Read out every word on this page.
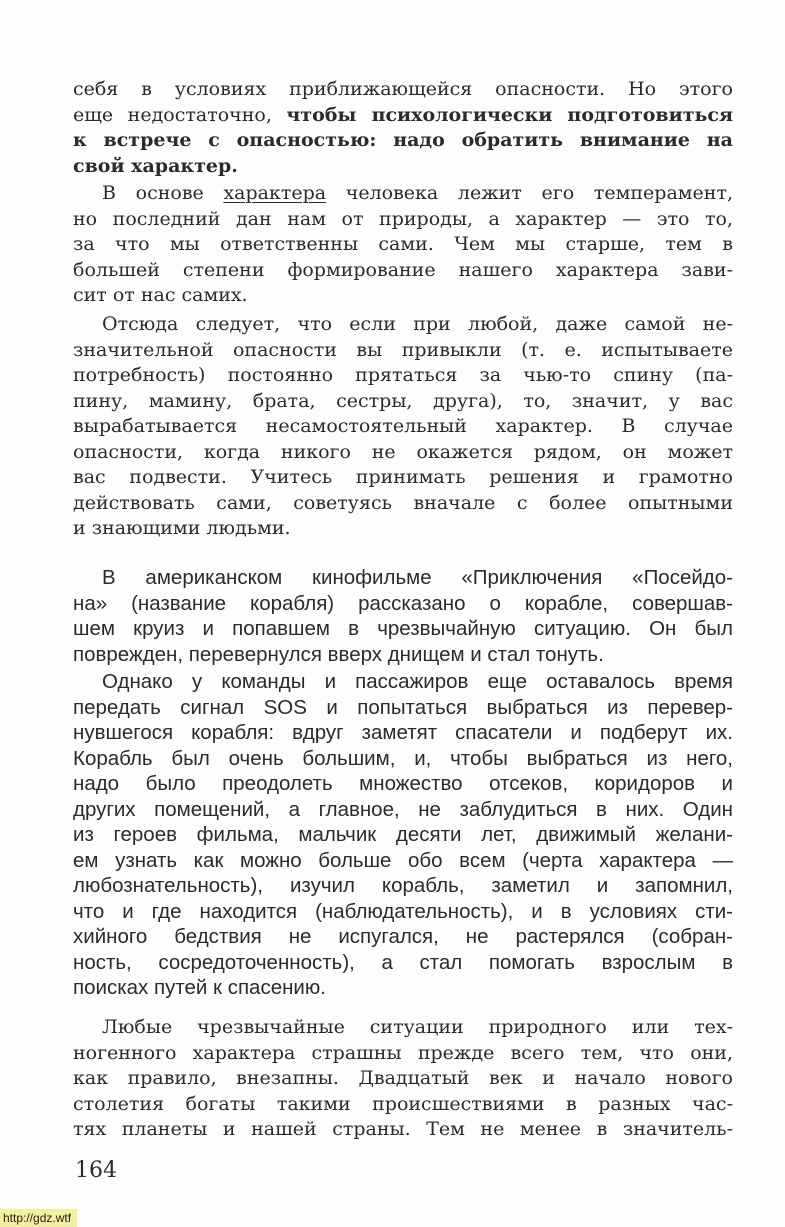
себя в условиях приближающейся опасности. Но этого
еще недостаточно, чтобы психологически подготовиться
к встрече с опасностью: надо обратить внимание на
свой характер.
В основе характера человека лежит его темперамент,
но последний дан нам от природы, а характер — это то,
за что мы ответственны сами. Чем мы старше, тем в
большей степени формирование нашего характера зави-
сит от нас самих.
Отсюда следует, что если при любой, даже самой не-
значительной опасности вы привыкли (т. е. испытываете
потребность) постоянно прятаться за чью-то спину (па-
пину, мамину, брата, сестры, друга), то, значит, у вас
вырабатывается несамостоятельный характер. В случае
опасности, когда никого не окажется рядом, он может
вас подвести. Учитесь принимать решения и грамотно
действовать сами, советуясь вначале с более опытными
и знающими людьми.
В американском кинофильме «Приключения «Посейдо-
на» (название корабля) рассказано о корабле, совершав-
шем круиз и попавшем в чрезвычайную ситуацию. Он был
поврежден, перевернулся вверх днищем и стал тонуть.
Однако у команды и пассажиров еще оставалось время
передать сигнал SOS и попытаться выбраться из перевер-
нувшегося корабля: вдруг заметят спасатели и подберут их.
Корабль был очень большим, и, чтобы выбраться из него,
надо было преодолеть множество отсеков, коридоров и
других помещений, а главное, не заблудиться в них. Один
из героев фильма, мальчик десяти лет, движимый желани-
ем узнать как можно больше обо всем (черта характера —
любознательность), изучил корабль, заметил и запомнил,
что и где находится (наблюдательность), и в условиях сти-
хийного бедствия не испугался, не растерялся (собран-
ность, сосредоточенность), а стал помогать взрослым в
поисках путей к спасению.
Любые чрезвычайные ситуации природного или тех-
ногенного характера страшны прежде всего тем, что они,
как правило, внезапны. Двадцатый век и начало нового
столетия богаты такими происшествиями в разных час-
тях планеты и нашей страны. Тем не менее в значитель-
164
http://gdz.wtf
